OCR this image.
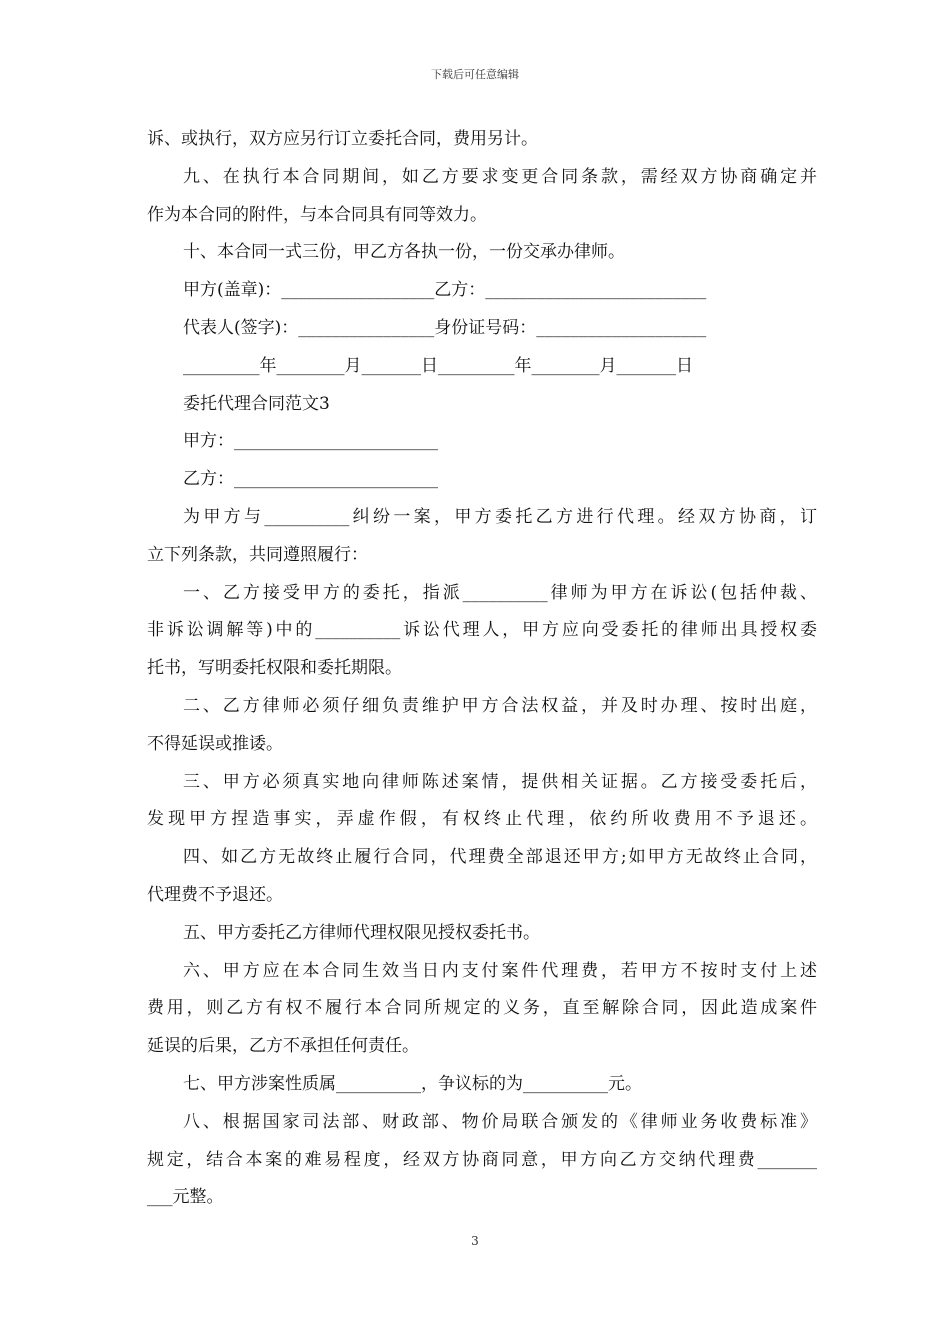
下载后可任意编辑
诉、或执行，双方应另行订立委托合同，费用另计。
九、在执行本合同期间，如乙方要求变更合同条款，需经双方协商确定并
作为本合同的附件，与本合同具有同等效力。
十、本合同一式三份，甲乙方各执一份，一份交承办律师。
甲方(盖章)：__________________乙方：__________________________
代表人(签字)：________________身份证号码：____________________
_________年________月_______日_________年________月_______日
委托代理合同范文3
甲方：________________________
乙方：________________________
为甲方与__________纠纷一案，甲方委托乙方进行代理。经双方协商，订
立下列条款，共同遵照履行：
一、乙方接受甲方的委托，指派__________律师为甲方在诉讼(包括仲裁、
非诉讼调解等)中的__________诉讼代理人，甲方应向受委托的律师出具授权委
托书，写明委托权限和委托期限。
二、乙方律师必须仔细负责维护甲方合法权益，并及时办理、按时出庭，
不得延误或推诿。
三、甲方必须真实地向律师陈述案情，提供相关证据。乙方接受委托后，
发现甲方捏造事实，弄虚作假，有权终止代理，依约所收费用不予退还。
四、如乙方无故终止履行合同，代理费全部退还甲方;如甲方无故终止合同，
代理费不予退还。
五、甲方委托乙方律师代理权限见授权委托书。
六、甲方应在本合同生效当日内支付案件代理费，若甲方不按时支付上述
费用，则乙方有权不履行本合同所规定的义务，直至解除合同，因此造成案件
延误的后果，乙方不承担任何责任。
七、甲方涉案性质属__________，争议标的为__________元。
八、根据国家司法部、财政部、物价局联合颁发的《律师业务收费标准》
规定，结合本案的难易程度，经双方协商同意，甲方向乙方交纳代理费_______
___元整。
3
